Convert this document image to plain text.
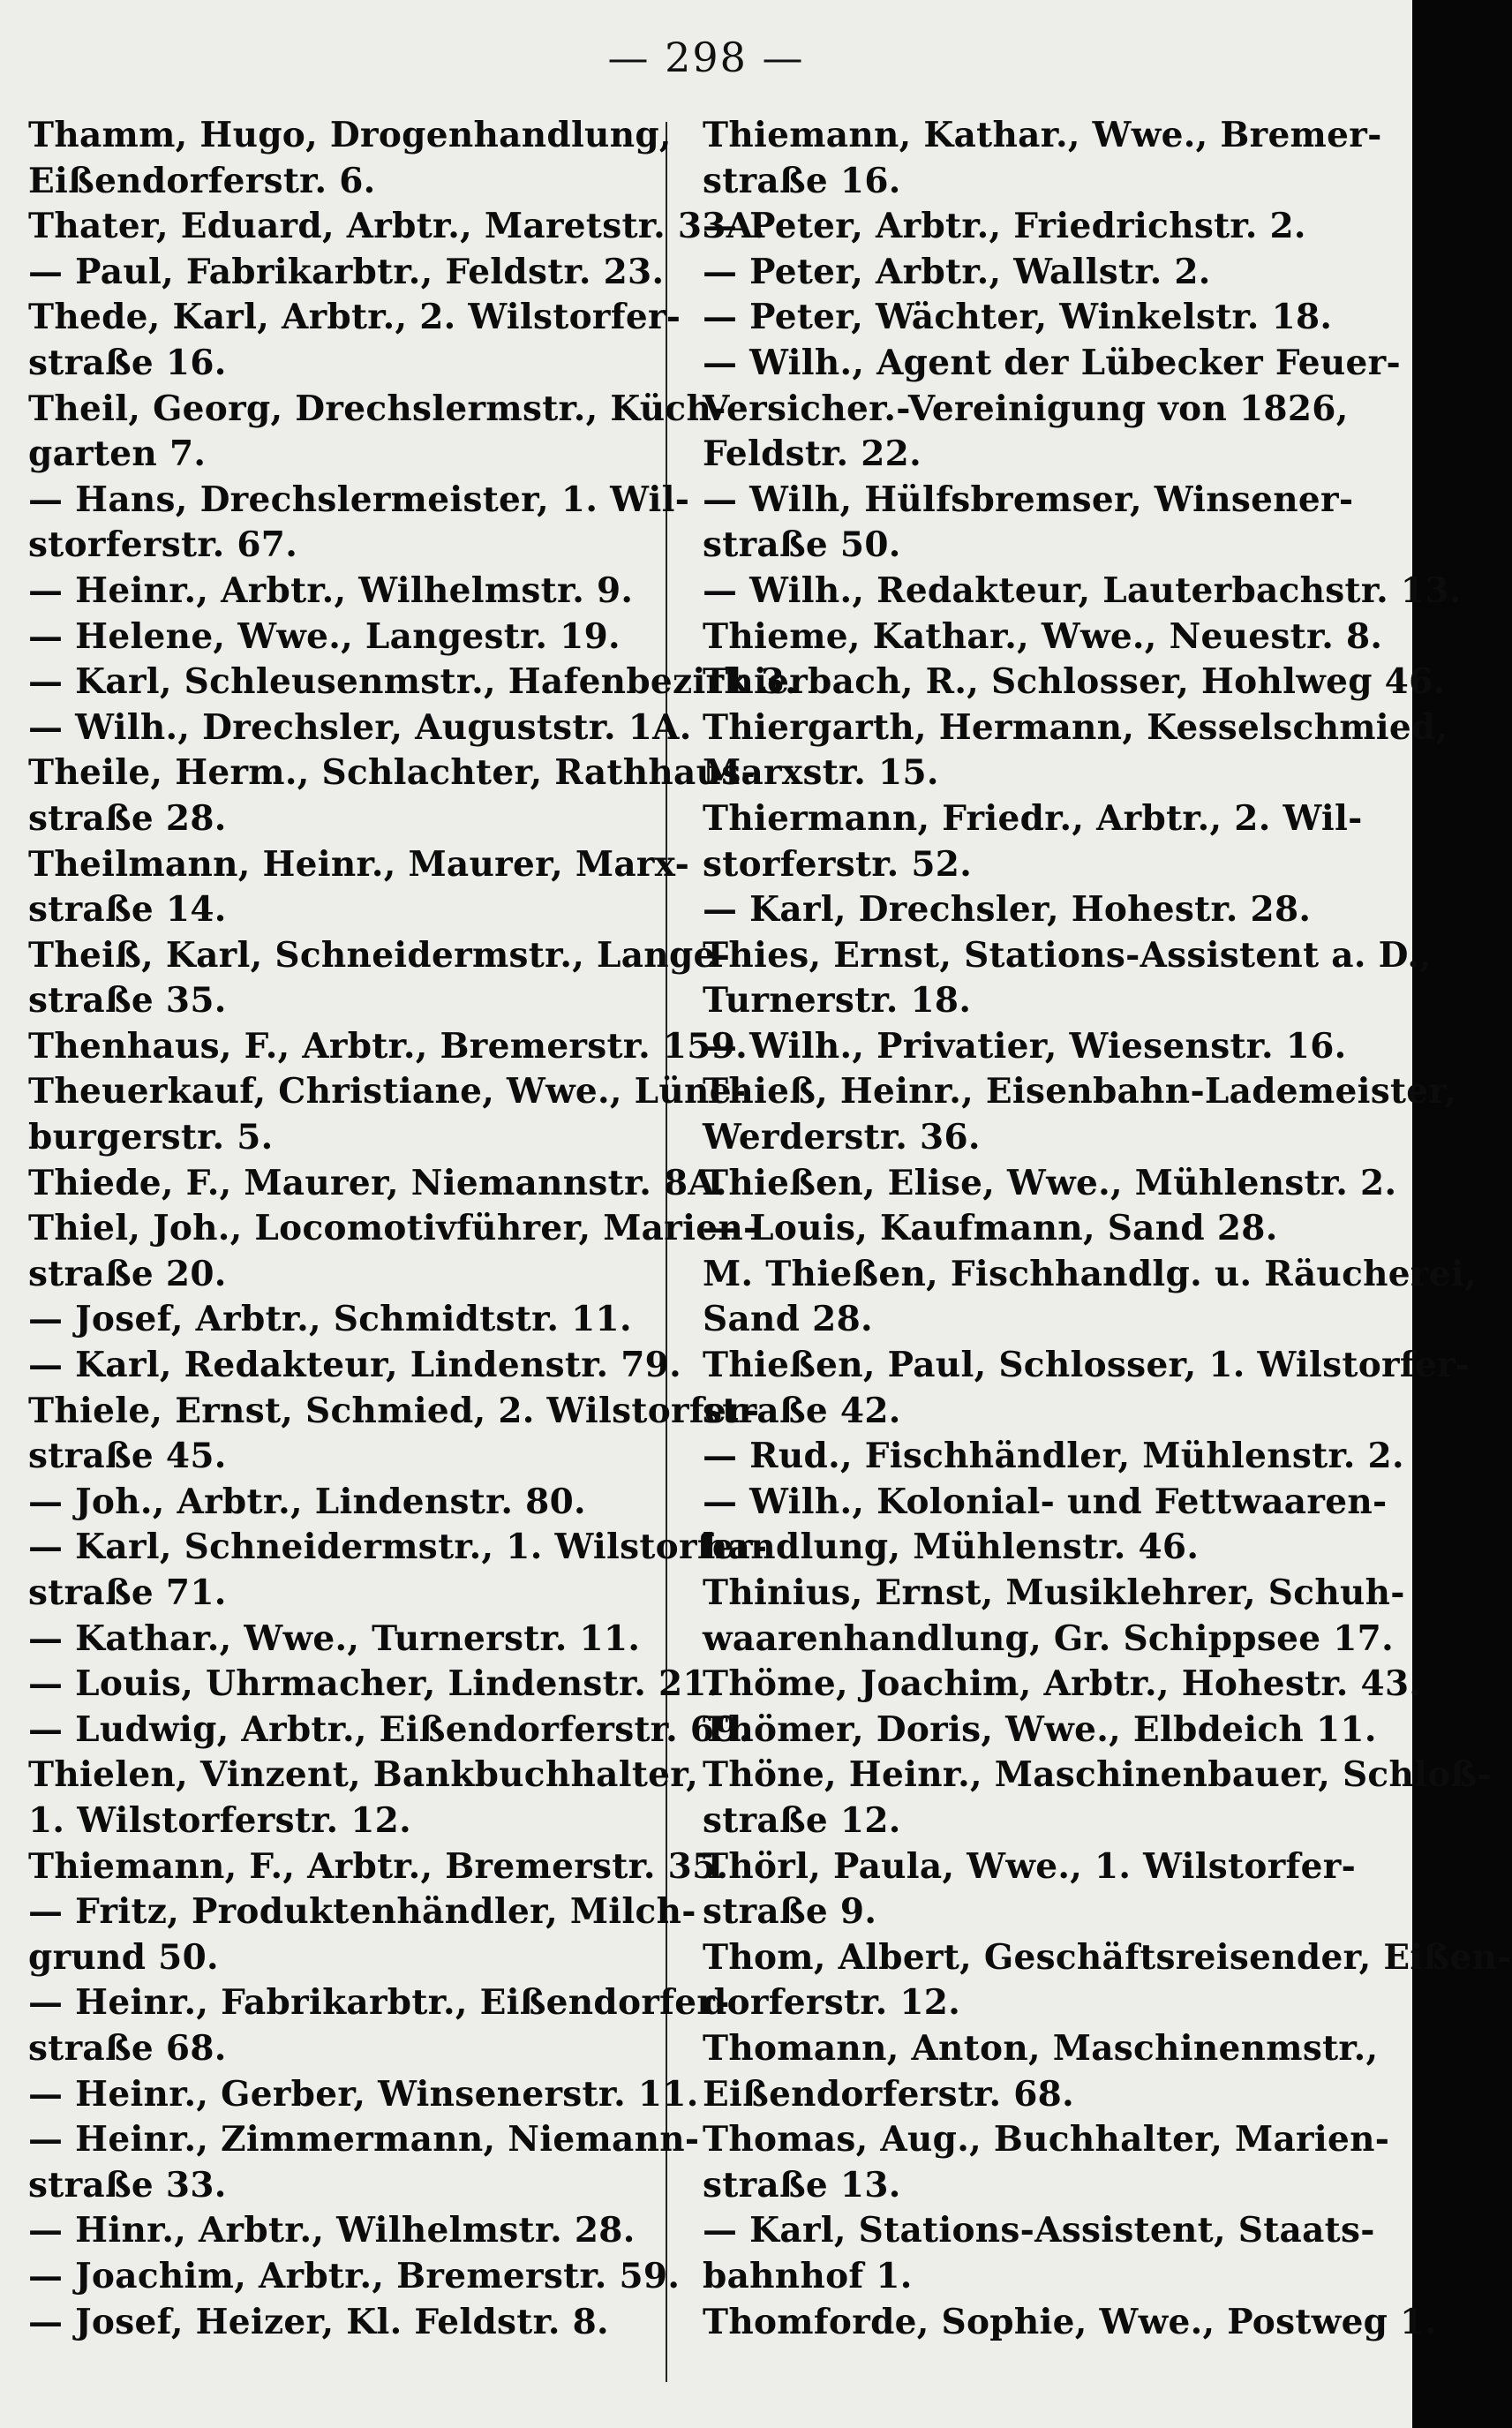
— 298 —

Thamm, Hugo, Drogenhandlung,
Eißendorferstr. 6.

Thater, Eduard, Arbtr., Maretstr. 33A.

— Paul, Fabrikarbtr., Feldstr. 23.

Thede, Karl, Arbtr., 2. Wilstorfer-
straße 16.

Theil, Georg, Drechslermstr., Küch-
garten 7.

— Hans, Drechslermeister, 1. Wil-
storferstr. 67.

— Heinr., Arbtr., Wilhelmstr. 9.

— Helene, Wwe., Langestr. 19.

— Karl, Schleusenmstr., Hafenbezirk 3.

— Wilh., Drechsler, Auguststr. 1A.

Theile, Herm., Schlachter, Rathhaus-
straße 28.

Theilmann, Heinr., Maurer, Marx-
straße 14.

Theiß, Karl, Schneidermstr., Lange-
straße 35.

Thenhaus, F., Arbtr., Bremerstr. 159.

Theuerkauf, Christiane, Wwe., Lüne-
burgerstr. 5.

Thiede, F., Maurer, Niemannstr. 8A.

Thiel, Joh., Locomotivführer, Marien-
straße 20.

— Josef, Arbtr., Schmidtstr. 11.

— Karl, Redakteur, Lindenstr. 79.

Thiele, Ernst, Schmied, 2. Wilstorfer-
straße 45.

— Joh., Arbtr., Lindenstr. 80.

— Karl, Schneidermstr., 1. Wilstorfer-
straße 71.

— Kathar., Wwe., Turnerstr. 11.

— Louis, Uhrmacher, Lindenstr. 21.

— Ludwig, Arbtr., Eißendorferstr. 69.

Thielen, Vinzent, Bankbuchhalter,
1. Wilstorferstr. 12.

Thiemann, F., Arbtr., Bremerstr. 35.

— Fritz, Produktenhändler, Milch-
grund 50.

— Heinr., Fabrikarbtr., Eißendorfer-
straße 68.

— Heinr., Gerber, Winsenerstr. 11.

— Heinr., Zimmermann, Niemann-
straße 33.

— Hinr., Arbtr., Wilhelmstr. 28.

— Joachim, Arbtr., Bremerstr. 59.

— Josef, Heizer, Kl. Feldstr. 8.

Thiemann, Kathar., Wwe., Bremer-
straße 16.

— Peter, Arbtr., Friedrichstr. 2.

— Peter, Arbtr., Wallstr. 2.

— Peter, Wächter, Winkelstr. 18.

— Wilh., Agent der Lübecker Feuer-
Versicher.-Vereinigung von 1826,
Feldstr. 22.

— Wilh, Hülfsbremser, Winsener-
straße 50.

— Wilh., Redakteur, Lauterbachstr. 13.

Thieme, Kathar., Wwe., Neuestr. 8.

Thierbach, R., Schlosser, Hohlweg 46.

Thiergarth, Hermann, Kesselschmied,
Marxstr. 15.

Thiermann, Friedr., Arbtr., 2. Wil-
storferstr. 52.

— Karl, Drechsler, Hohestr. 28.

Thies, Ernst, Stations-Assistent a. D.,
Turnerstr. 18.

— Wilh., Privatier, Wiesenstr. 16.

Thieß, Heinr., Eisenbahn-Lademeister,
Werderstr. 36.

Thießen, Elise, Wwe., Mühlenstr. 2.

— Louis, Kaufmann, Sand 28.

M. Thießen, Fischhandlg. u. Räucherei,
Sand 28.

Thießen, Paul, Schlosser, 1. Wilstorfer-
straße 42.

— Rud., Fischhändler, Mühlenstr. 2.

— Wilh., Kolonial- und Fettwaaren-
handlung, Mühlenstr. 46.

Thinius, Ernst, Musiklehrer, Schuh-
waarenhandlung, Gr. Schippsee 17.

Thöme, Joachim, Arbtr., Hohestr. 43.

Thömer, Doris, Wwe., Elbdeich 11.

Thöne, Heinr., Maschinenbauer, Schloß-
straße 12.

Thörl, Paula, Wwe., 1. Wilstorfer-
straße 9.

Thom, Albert, Geschäftsreisender, Eißen-
dorferstr. 12.

Thomann, Anton, Maschinenmstr.,
Eißendorferstr. 68.

Thomas, Aug., Buchhalter, Marien-
straße 13.

— Karl, Stations-Assistent, Staats-
bahnhof 1.

Thomforde, Sophie, Wwe., Postweg 1.
